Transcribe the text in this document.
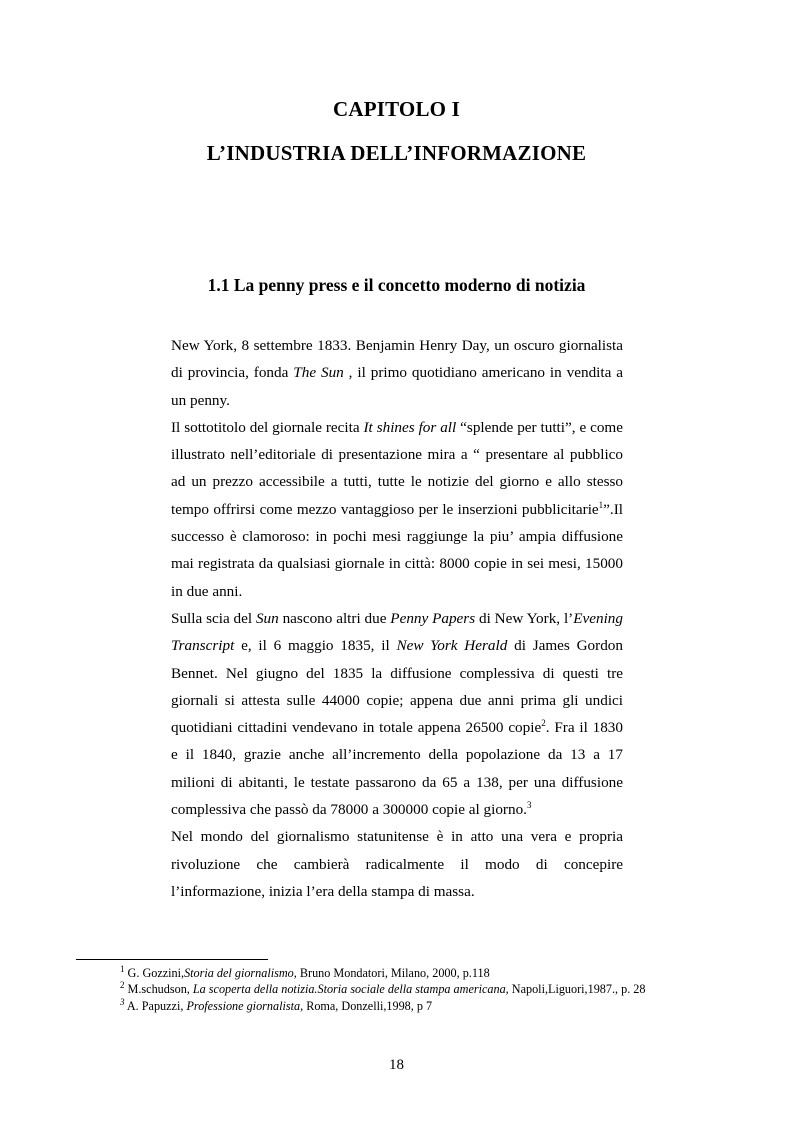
CAPITOLO I
L’INDUSTRIA DELL’INFORMAZIONE
1.1 La penny press e il concetto moderno di notizia

New York, 8 settembre 1833. Benjamin Henry Day, un oscuro giornalista di provincia, fonda The Sun , il primo quotidiano americano in vendita a un penny.

Il sottotitolo del giornale recita It shines for all “splende per tutti”, e come illustrato nell’editoriale di presentazione mira a “ presentare al pubblico ad un prezzo accessibile a tutti, tutte le notizie del giorno e allo stesso tempo offrirsi come mezzo vantaggioso per le inserzioni pubblicitarie$^1$”.Il successo è clamoroso: in pochi mesi raggiunge la piu’ ampia diffusione mai registrata da qualsiasi giornale in città: 8000 copie in sei mesi, 15000 in due anni.

Sulla scia del Sun nascono altri due Penny Papers di New York, l’Evening Transcript e, il 6 maggio 1835, il New York Herald di James Gordon Bennet. Nel giugno del 1835 la diffusione complessiva di questi tre giornali si attesta sulle 44000 copie; appena due anni prima gli undici quotidiani cittadini vendevano in totale appena 26500 copie$^2$. Fra il 1830 e il 1840, grazie anche all’incremento della popolazione da 13 a 17 milioni di abitanti, le testate passarono da 65 a 138, per una diffusione complessiva che passò da 78000 a 300000 copie al giorno.$^3$

Nel mondo del giornalismo statunitense è in atto una vera e propria rivoluzione che cambierà radicalmente il modo di concepire l’informazione, inizia l’era della stampa di massa.

$^1$ G. Gozzini,Storia del giornalismo, Bruno Mondatori, Milano, 2000, p.118

$^2$ M.schudson, La scoperta della notizia.Storia sociale della stampa americana, Napoli,Liguori,1987., p. 28

$^3$ A. Papuzzi, Professione giornalista, Roma, Donzelli,1998, p 7

18
